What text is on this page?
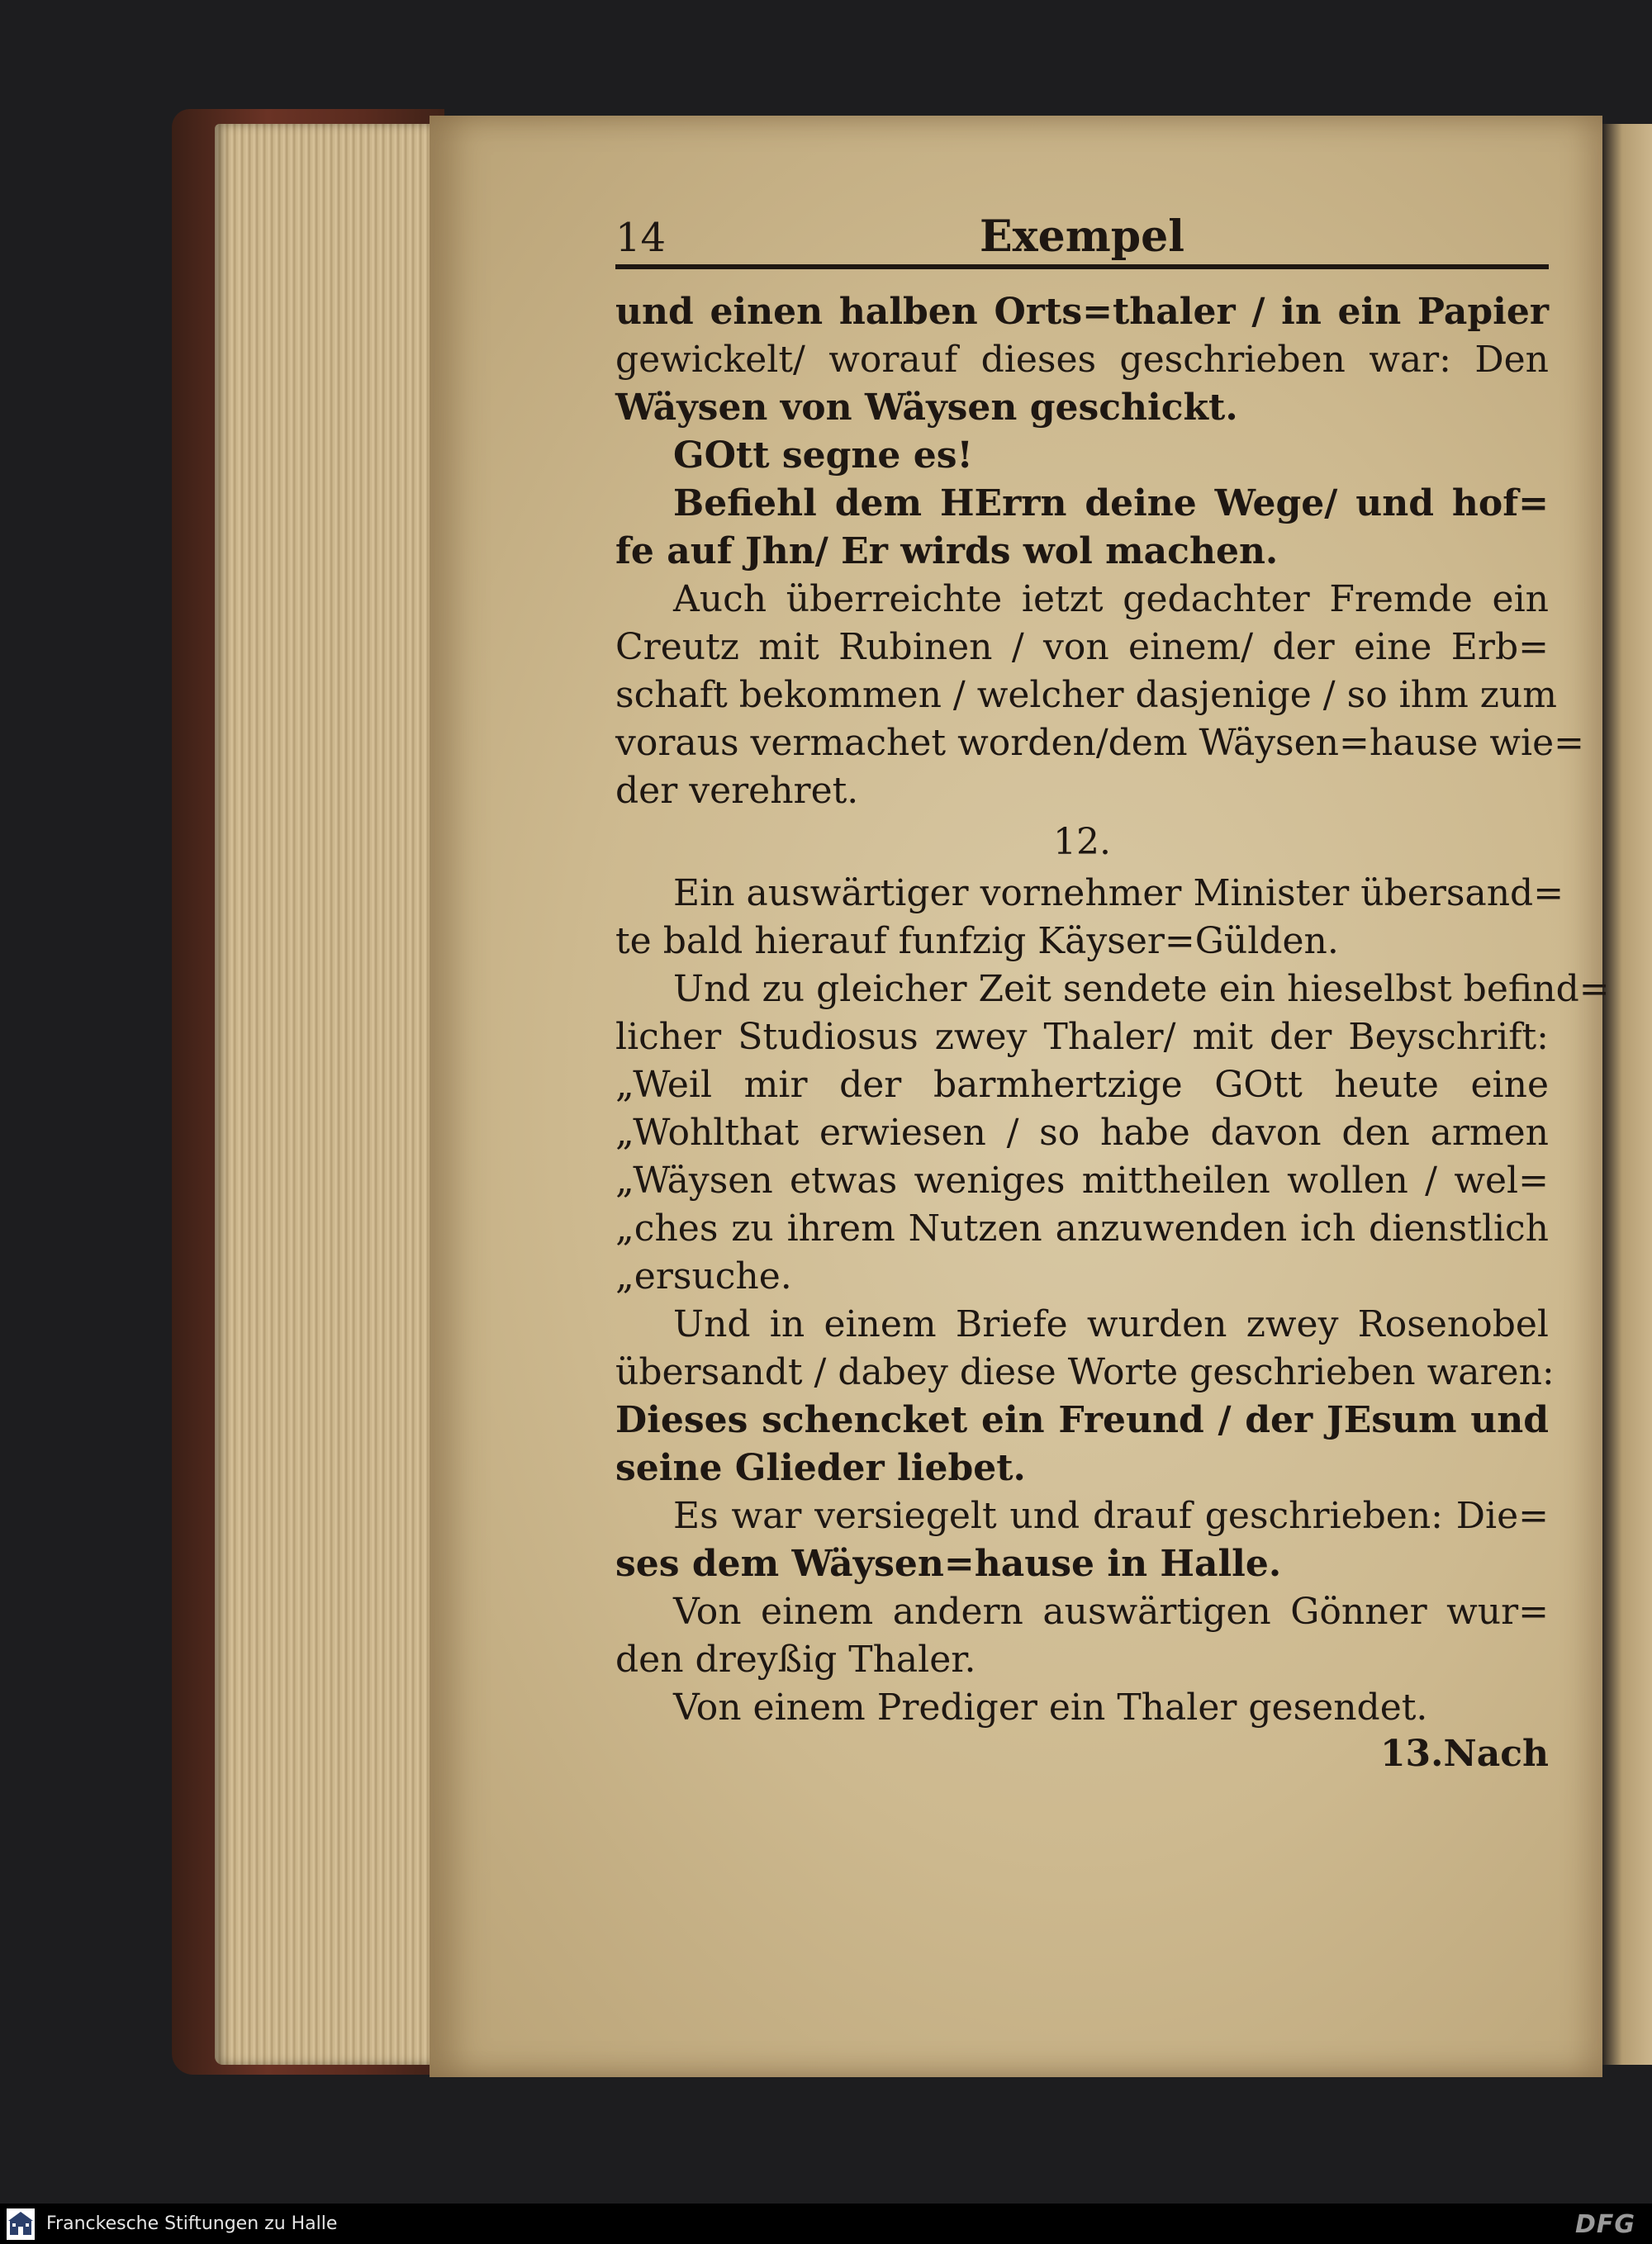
14	Exempel
und einen halben Orts=thaler / in ein Papier
gewickelt/ worauf dieses geschrieben war: Den
Wäysen von Wäysen geschickt.
GOtt segne es!
Befiehl dem HErrn deine Wege/ und hof=
fe auf Jhn/ Er wirds wol machen.
Auch überreichte ietzt gedachter Fremde ein
Creutz mit Rubinen / von einem/ der eine Erb=
schaft bekommen / welcher dasjenige / so ihm zum
voraus vermachet worden/dem Wäysen=hause wie=
der verehret.
12.
Ein auswärtiger vornehmer Minister übersand=
te bald hierauf funfzig Käyser=Gülden.
Und zu gleicher Zeit sendete ein hieselbst befind=
licher Studiosus zwey Thaler/ mit der Beyschrift:
„Weil mir der barmhertzige GOtt heute eine
„Wohlthat erwiesen / so habe davon den armen
„Wäysen etwas weniges mittheilen wollen / wel=
„ches zu ihrem Nutzen anzuwenden ich dienstlich
„ersuche.
Und in einem Briefe wurden zwey Rosenobel
übersandt / dabey diese Worte geschrieben waren:
Dieses schencket ein Freund / der JEsum und
seine Glieder liebet.
Es war versiegelt und drauf geschrieben: Die=
ses dem Wäysen=hause in Halle.
Von einem andern auswärtigen Gönner wur=
den dreyßig Thaler.
Von einem Prediger ein Thaler gesendet.
13.Nach
Franckesche Stiftungen zu Halle	DFG
